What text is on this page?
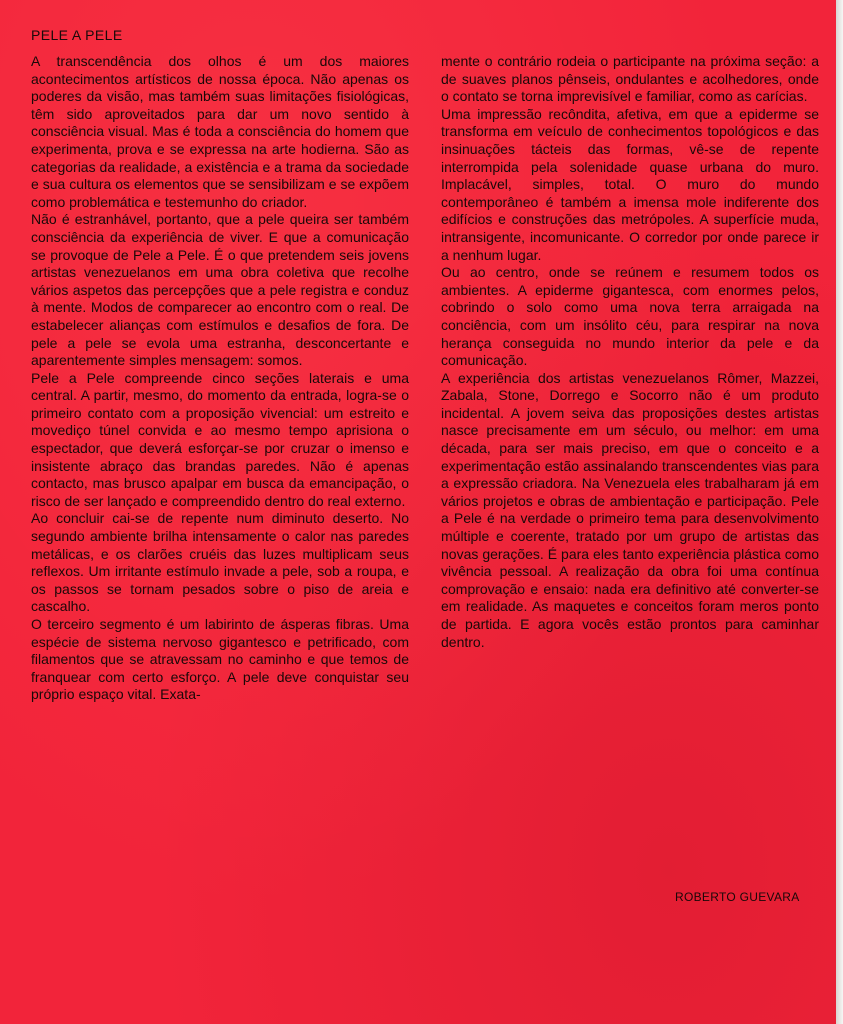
PELE A PELE

A transcendência dos olhos é um dos maiores acontecimentos artísticos de nossa época. Não apenas os poderes da visão, mas também suas limitações fisiológicas, têm sido aproveitados para dar um novo sentido à consciência visual. Mas é toda a consciência do homem que experimenta, prova e se expressa na arte hodierna. São as categorias da realidade, a existência e a trama da sociedade e sua cultura os elementos que se sensibilizam e se expõem como problemática e testemunho do criador.

Não é estranhável, portanto, que a pele queira ser também consciência da experiência de viver. E que a comunicação se provoque de Pele a Pele. É o que pretendem seis jovens artistas venezuelanos em uma obra coletiva que recolhe vários aspetos das percepções que a pele registra e conduz à mente. Modos de comparecer ao encontro com o real. De estabelecer alianças com estímulos e desafios de fora. De pele a pele se evola uma estranha, desconcertante e aparentemente simples mensagem: somos.

Pele a Pele compreende cinco seções laterais e uma central. A partir, mesmo, do momento da entrada, logra-se o primeiro contato com a proposição vivencial: um estreito e movediço túnel convida e ao mesmo tempo aprisiona o espectador, que deverá esforçar-se por cruzar o imenso e insistente abraço das brandas paredes. Não é apenas contacto, mas brusco apalpar em busca da emancipação, o risco de ser lançado e compreendido dentro do real externo.

Ao concluir cai-se de repente num diminuto deserto. No segundo ambiente brilha intensamente o calor nas paredes metálicas, e os clarões cruéis das luzes multiplicam seus reflexos. Um irritante estímulo invade a pele, sob a roupa, e os passos se tornam pesados sobre o piso de areia e cascalho.

O terceiro segmento é um labirinto de ásperas fibras. Uma espécie de sistema nervoso gigantesco e petrificado, com filamentos que se atravessam no caminho e que temos de franquear com certo esforço. A pele deve conquistar seu próprio espaço vital. Exata-

mente o contrário rodeia o participante na próxima seção: a de suaves planos pênseis, ondulantes e acolhedores, onde o contato se torna imprevisível e familiar, como as carícias.

Uma impressão recôndita, afetiva, em que a epiderme se transforma em veículo de conhecimentos topológicos e das insinuações tácteis das formas, vê-se de repente interrompida pela solenidade quase urbana do muro. Implacável, simples, total. O muro do mundo contemporâneo é também a imensa mole indiferente dos edifícios e construções das metrópoles. A superfície muda, intransigente, incomunicante. O corredor por onde parece ir a nenhum lugar.

Ou ao centro, onde se reúnem e resumem todos os ambientes. A epiderme gigantesca, com enormes pelos, cobrindo o solo como uma nova terra arraigada na conciência, com um insólito céu, para respirar na nova herança conseguida no mundo interior da pele e da comunicação.

A experiência dos artistas venezuelanos Rômer, Mazzei, Zabala, Stone, Dorrego e Socorro não é um produto incidental. A jovem seiva das proposições destes artistas nasce precisamente em um século, ou melhor: em uma década, para ser mais preciso, em que o conceito e a experimentação estão assinalando transcendentes vias para a expressão criadora. Na Venezuela eles trabalharam já em vários projetos e obras de ambientação e participação. Pele a Pele é na verdade o primeiro tema para desenvolvimento múltiple e coerente, tratado por um grupo de artistas das novas gerações. É para eles tanto experiência plástica como vivência pessoal. A realização da obra foi uma contínua comprovação e ensaio: nada era definitivo até converter-se em realidade. As maquetes e conceitos foram meros ponto de partida. E agora vocês estão prontos para caminhar dentro.

ROBERTO GUEVARA
